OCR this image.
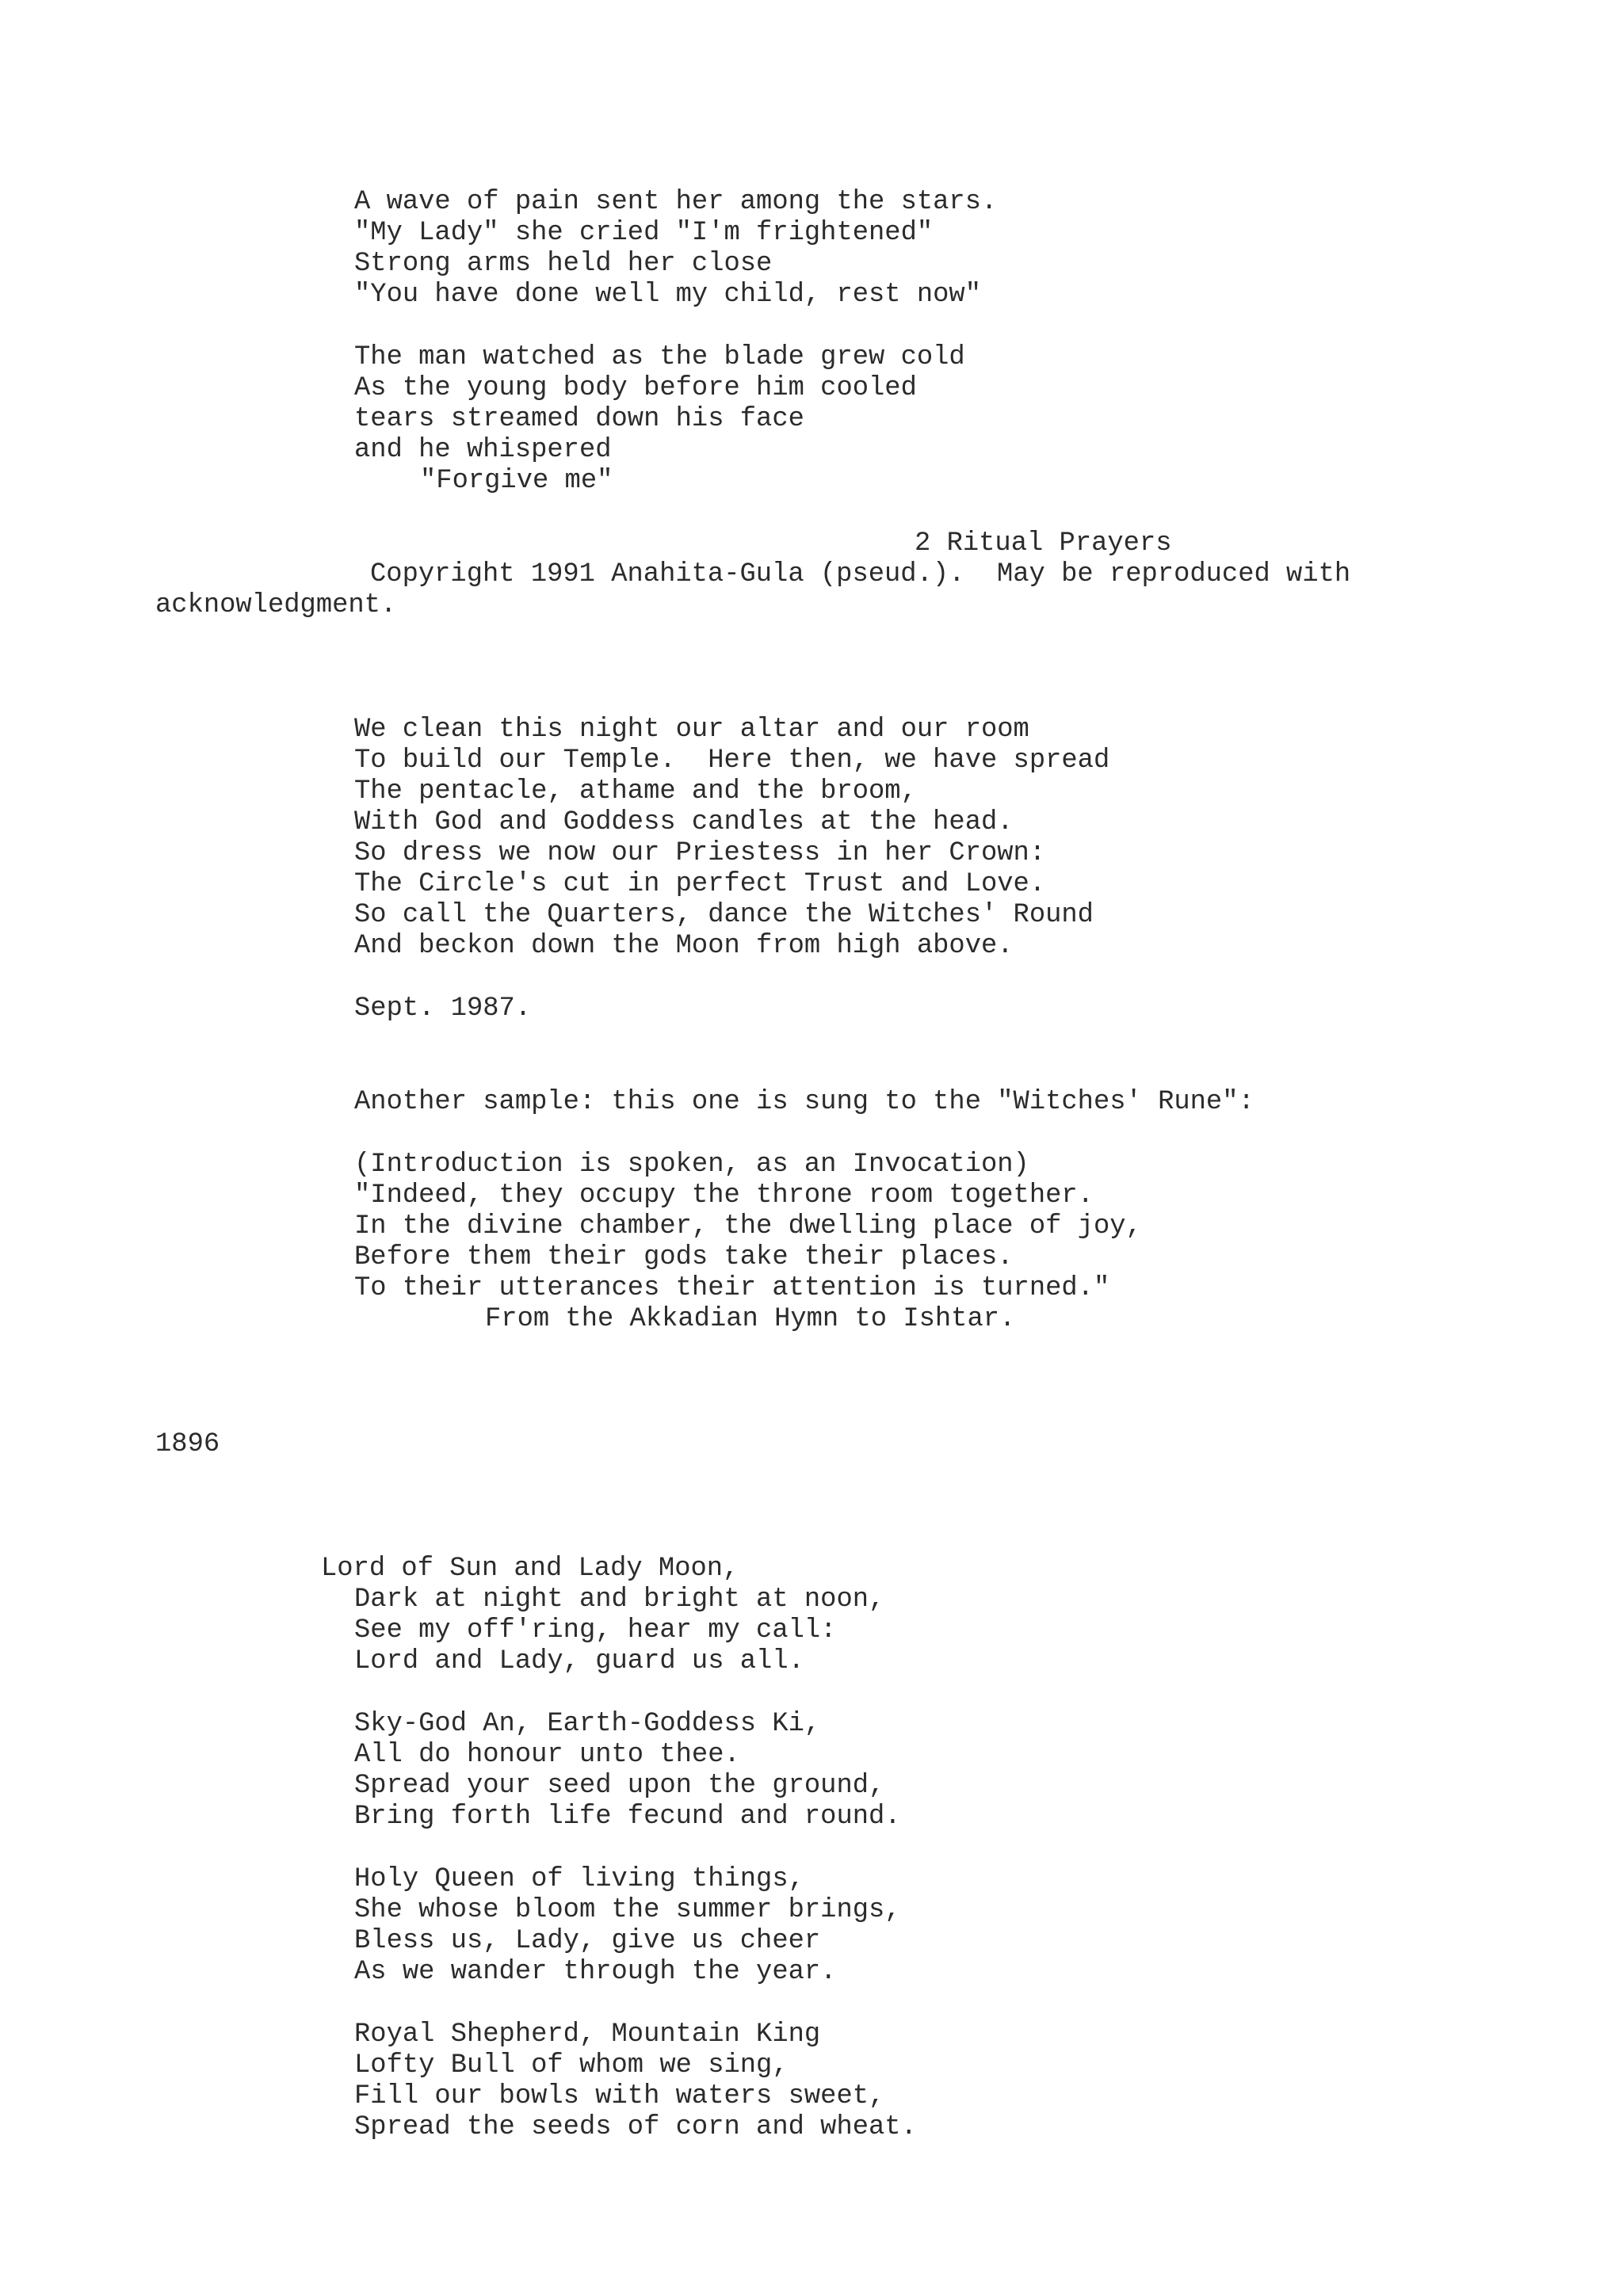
A wave of pain sent her among the stars.

"My Lady" she cried "I'm frightened"

Strong arms held her close

"You have done well my child, rest now"

The man watched as the blade grew cold

As the young body before him cooled

tears streamed down his face

and he whispered

"Forgive me"

2 Ritual Prayers

Copyright 1991 Anahita-Gula (pseud.).  May be reproduced with

acknowledgment.

We clean this night our altar and our room

To build our Temple.  Here then, we have spread

The pentacle, athame and the broom,

With God and Goddess candles at the head.

So dress we now our Priestess in her Crown:

The Circle's cut in perfect Trust and Love.

So call the Quarters, dance the Witches' Round

And beckon down the Moon from high above.

Sept. 1987.

Another sample: this one is sung to the "Witches' Rune":

(Introduction is spoken, as an Invocation)

"Indeed, they occupy the throne room together.

In the divine chamber, the dwelling place of joy,

Before them their gods take their places.

To their utterances their attention is turned."

From the Akkadian Hymn to Ishtar.

1896

Lord of Sun and Lady Moon,

Dark at night and bright at noon,

See my off'ring, hear my call:

Lord and Lady, guard us all.

Sky-God An, Earth-Goddess Ki,

All do honour unto thee.

Spread your seed upon the ground,

Bring forth life fecund and round.

Holy Queen of living things,

She whose bloom the summer brings,

Bless us, Lady, give us cheer

As we wander through the year.

Royal Shepherd, Mountain King

Lofty Bull of whom we sing,

Fill our bowls with waters sweet,

Spread the seeds of corn and wheat.
